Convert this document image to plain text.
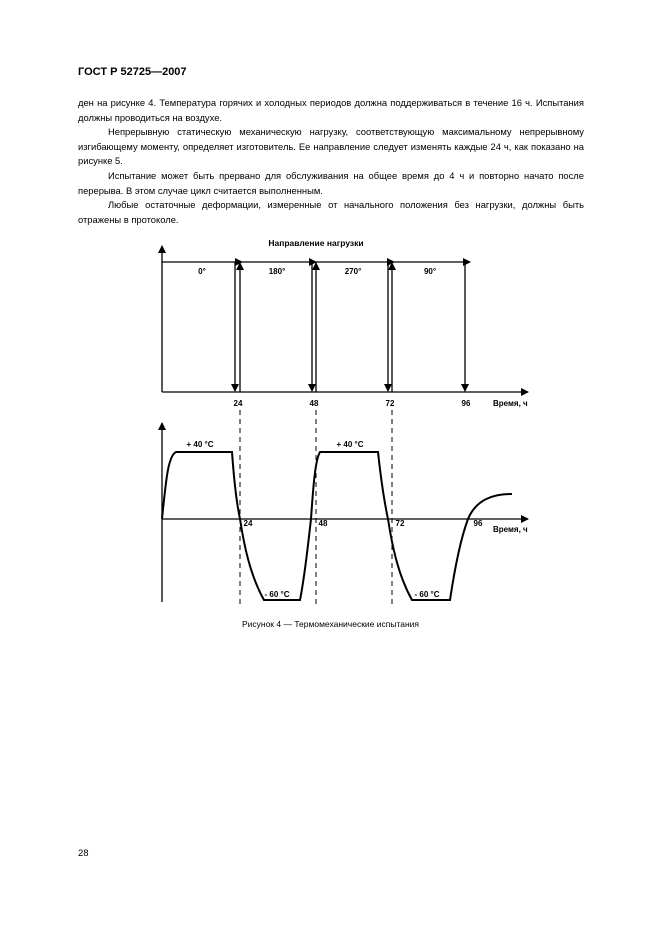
ГОСТ Р 52725—2007

ден на рисунке 4. Температура горячих и холодных периодов должна поддерживаться в течение 16 ч. Испытания должны проводиться на воздухе.

Непрерывную статическую механическую нагрузку, соответствующую максимальному непрерывному изгибающему моменту, определяет изготовитель. Ее направление следует изменять каждые 24 ч, как показано на рисунке 5.

Испытание может быть прервано для обслуживания на общее время до 4 ч и повторно начато после перерыва. В этом случае цикл считается выполненным.

Любые остаточные деформации, измеренные от начального положения без нагрузки, должны быть отражены в протоколе.

Направление нагрузки
0°	180°	270°	90°
24	48	72	96	Время, ч
+ 40 °C	+ 40 °C
- 60 °C	- 60 °C
24	48	72	96
Время, ч
Рисунок 4 — Термомеханические испытания
28
